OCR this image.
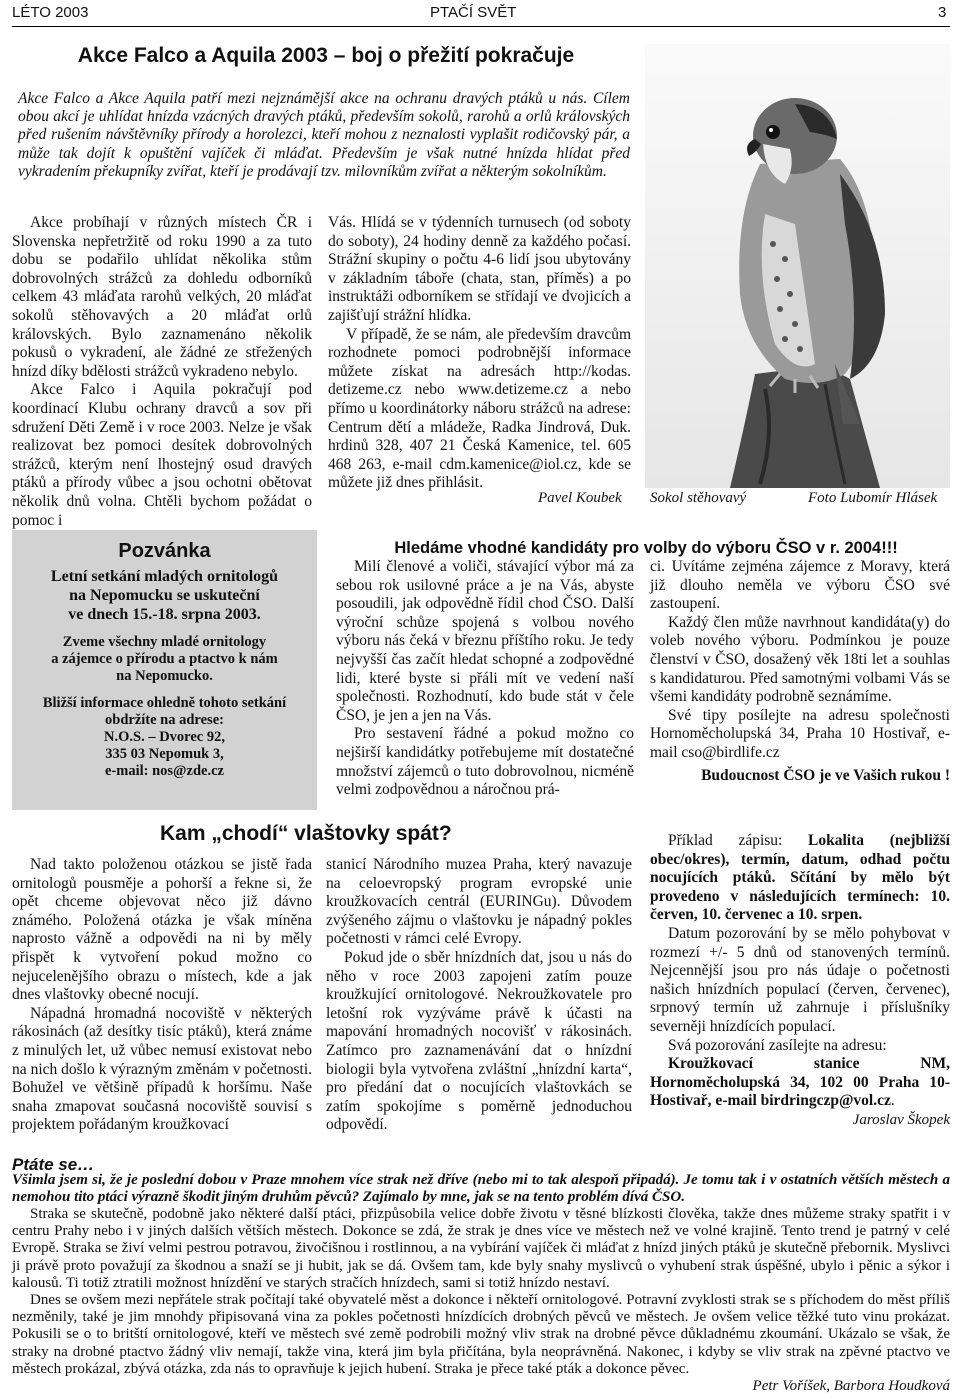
LÉTO 2003	PTAČÍ SVĚT	3
Akce Falco a Aquila 2003 – boj o přežití pokračuje
Akce Falco a Akce Aquila patří mezi nejznámější akce na ochranu dravých ptáků u nás. Cílem obou akcí je uhlídat hnízda vzácných dravých ptáků, především sokolů, rarohů a orlů královských před rušením návštěvníky přírody a horolezci, kteří mohou z neznalosti vyplašit rodičovský pár, a může tak dojít k opuštění vajíček či mláďat. Především je však nutné hnízda hlídat před vykradením překupníky zvířat, kteří je prodávají tzv. milovníkům zvířat a některým sokolníkům.

Akce probíhají v různých místech ČR i Slovenska nepřetržitě od roku 1990 a za tuto dobu se podařilo uhlídat několika stům dobrovolných strážců za dohledu odborníků celkem 43 mláďata rarohů velkých, 20 mláďat sokolů stěhovavých a 20 mláďat orlů královských. Bylo zaznamenáno několik pokusů o vykradení, ale žádné ze střežených hnízd díky bdělosti strážců vykradeno nebylo.

Akce Falco i Aquila pokračují pod koordinací Klubu ochrany dravců a sov při sdružení Děti Země i v roce 2003. Nelze je však realizovat bez pomoci desítek dobrovolných strážců, kterým není lhostejný osud dravých ptáků a přírody vůbec a jsou ochotni obětovat několik dnů volna. Chtěli bychom požádat o pomoc i

Vás. Hlídá se v týdenních turnusech (od soboty do soboty), 24 hodiny denně za každého počasí. Strážní skupiny o počtu 4-6 lidí jsou ubytovány v základním táboře (chata, stan, příměs) a po instruktáži odborníkem se střídají ve dvojicích a zajišťují strážní hlídka.

V případě, že se nám, ale především dravcům rozhodnete pomoci podrobnější informace můžete získat na adresách http://kodas. detizeme.cz nebo www.detizeme.cz a nebo přímo u koordinátorky náboru strážců na adrese: Centrum dětí a mládeže, Radka Jindrová, Duk. hrdinů 328, 407 21 Česká Kamenice, tel. 605 468 263, e-mail cdm.kamenice@iol.cz, kde se můžete již dnes přihlásit.

Pavel Koubek Sokol stěhovavý	Foto Lubomír Hlásek
Pozvánka
Letní setkání mladých ornitologů
na Nepomucku se uskuteční
ve dnech 15.-18. srpna 2003.
Zveme všechny mladé ornitology
a zájemce o přírodu a ptactvo k nám
na Nepomucko.
Bližší informace ohledně tohoto setkání
obdržíte na adrese:
N.O.S. – Dvorec 92,
335 03 Nepomuk 3,
e-mail: nos@zde.cz
Hledáme vhodné kandidáty pro volby do výboru ČSO v r. 2004!!!

Milí členové a voliči, stávající výbor má za sebou rok usilovné práce a je na Vás, abyste posoudili, jak odpovědně řídil chod ČSO. Další výroční schůze spojená s volbou nového výboru nás čeká v březnu příštího roku. Je tedy nejvyšší čas začít hledat schopné a zodpovědné lidi, které byste si přáli mít ve vedení naší společnosti. Rozhodnutí, kdo bude stát v čele ČSO, je jen a jen na Vás.

Pro sestavení řádné a pokud možno co nejširší kandidátky potřebujeme mít dostatečné množství zájemců o tuto dobrovolnou, nicméně velmi zodpovědnou a náročnou prá-

ci. Uvítáme zejména zájemce z Moravy, která již dlouho neměla ve výboru ČSO své zastoupení.

Každý člen může navrhnout kandidáta(y) do voleb nového výboru. Podmínkou je pouze členství v ČSO, dosažený věk 18ti let a souhlas s kandidaturou. Před samotnými volbami Vás se všemi kandidáty podrobně seznámíme.

Své tipy posílejte na adresu společnosti Hornoměcholupská 34, Praha 10 Hostivař, e-mail cso@birdlife.cz

Budoucnost ČSO je ve Vašich rukou !

Kam „chodí“ vlaštovky spát?

Nad takto položenou otázkou se jistě řada ornitologů pousměje a pohorší a řekne si, že opět chceme objevovat něco již dávno známého. Položená otázka je však míněna naprosto vážně a odpovědi na ni by měly přispět k vytvoření pokud možno co nejucelenějšího obrazu o místech, kde a jak dnes vlaštovky obecné nocují.

Nápadná hromadná nocoviště v některých rákosinách (až desítky tisíc ptáků), která známe z minulých let, už vůbec nemusí existovat nebo na nich došlo k výrazným změnám v početnosti. Bohužel ve většině případů k horšímu. Naše snaha zmapovat současná nocoviště souvisí s projektem pořádaným kroužkovací

stanicí Národního muzea Praha, který navazuje na celoevropský program evropské unie kroužkovacích centrál (EURINGu). Důvodem zvýšeného zájmu o vlaštovku je nápadný pokles početnosti v rámci celé Evropy.

Pokud jde o sběr hnízdních dat, jsou u nás do něho v roce 2003 zapojeni zatím pouze kroužkující ornitologové. Nekroužkovatele pro letošní rok vyzýváme právě k účasti na mapování hromadných nocovišť v rákosinách. Zatímco pro zaznamenávání dat o hnízdní biologii byla vytvořena zvláštní „hnízdní karta“, pro předání dat o nocujících vlaštovkách se zatím spokojíme s poměrně jednoduchou odpovědí.

Příklad zápisu: Lokalita (nejbližší obec/okres), termín, datum, odhad počtu nocujících ptáků. Sčítání by mělo být provedeno v následujících termínech: 10. červen, 10. červenec a 10. srpen.

Datum pozorování by se mělo pohybovat v rozmezí +/- 5 dnů od stanovených termínů. Nejcennější jsou pro nás údaje o početnosti našich hnízdních populací (červen, červenec), srpnový termín už zahrnuje i příslušníky severněji hnízdících populací.

Svá pozorování zasílejte na adresu:

Kroužkovací stanice NM, Hornoměcholupská 34, 102 00 Praha 10-Hostivař, e-mail birdringczp@vol.cz.

Jaroslav Škopek

Ptáte se…
Všimla jsem si, že je poslední dobou v Praze mnohem více strak než dříve (nebo mi to tak alespoň připadá). Je tomu tak i v ostatních větších městech a nemohou tito ptáci výrazně škodit jiným druhům pěvců? Zajímalo by mne, jak se na tento problém dívá ČSO.

Straka se skutečně, podobně jako některé další ptáci, přizpůsobila velice dobře životu v těsné blízkosti člověka, takže dnes můžeme straky spatřit i v centru Prahy nebo i v jiných dalších větších městech. Dokonce se zdá, že strak je dnes více ve městech než ve volné krajině. Tento trend je patrný v celé Evropě. Straka se živí velmi pestrou potravou, živočišnou i rostlinnou, a na vybírání vajíček či mláďat z hnízd jiných ptáků je skutečně přebornik. Myslivci ji právě proto považují za škodnou a snaží se ji hubit, jak se dá. Ovšem tam, kde byly snahy myslivců o vyhubení strak úspěšné, ubylo i pěnic a sýkor i kalousů. Ti totiž ztratili možnost hnízdění ve starých stračích hnízdech, sami si totiž hnízdo nestaví.

Dnes se ovšem mezi nepřátele strak počítají také obyvatelé měst a dokonce i někteří ornitologové. Potravní zvyklosti strak se s příchodem do měst příliš nezměnily, také je jim mnohdy připisovaná vina za pokles početnosti hnízdících drobných pěvců ve městech. Je ovšem velice těžké tuto vinu prokázat. Pokusili se o to britští ornitologové, kteří ve městech své země podrobili možný vliv strak na drobné pěvce důkladnému zkoumání. Ukázalo se však, že straky na drobné ptactvo žádný vliv nemají, takže vina, která jim byla přičítána, byla neoprávněná. Nakonec, i kdyby se vliv strak na zpěvné ptactvo ve městech prokázal, zbývá otázka, zda nás to opravňuje k jejich hubení. Straka je přece také pták a dokonce pěvec.

Petr Voříšek, Barbora Houdková
